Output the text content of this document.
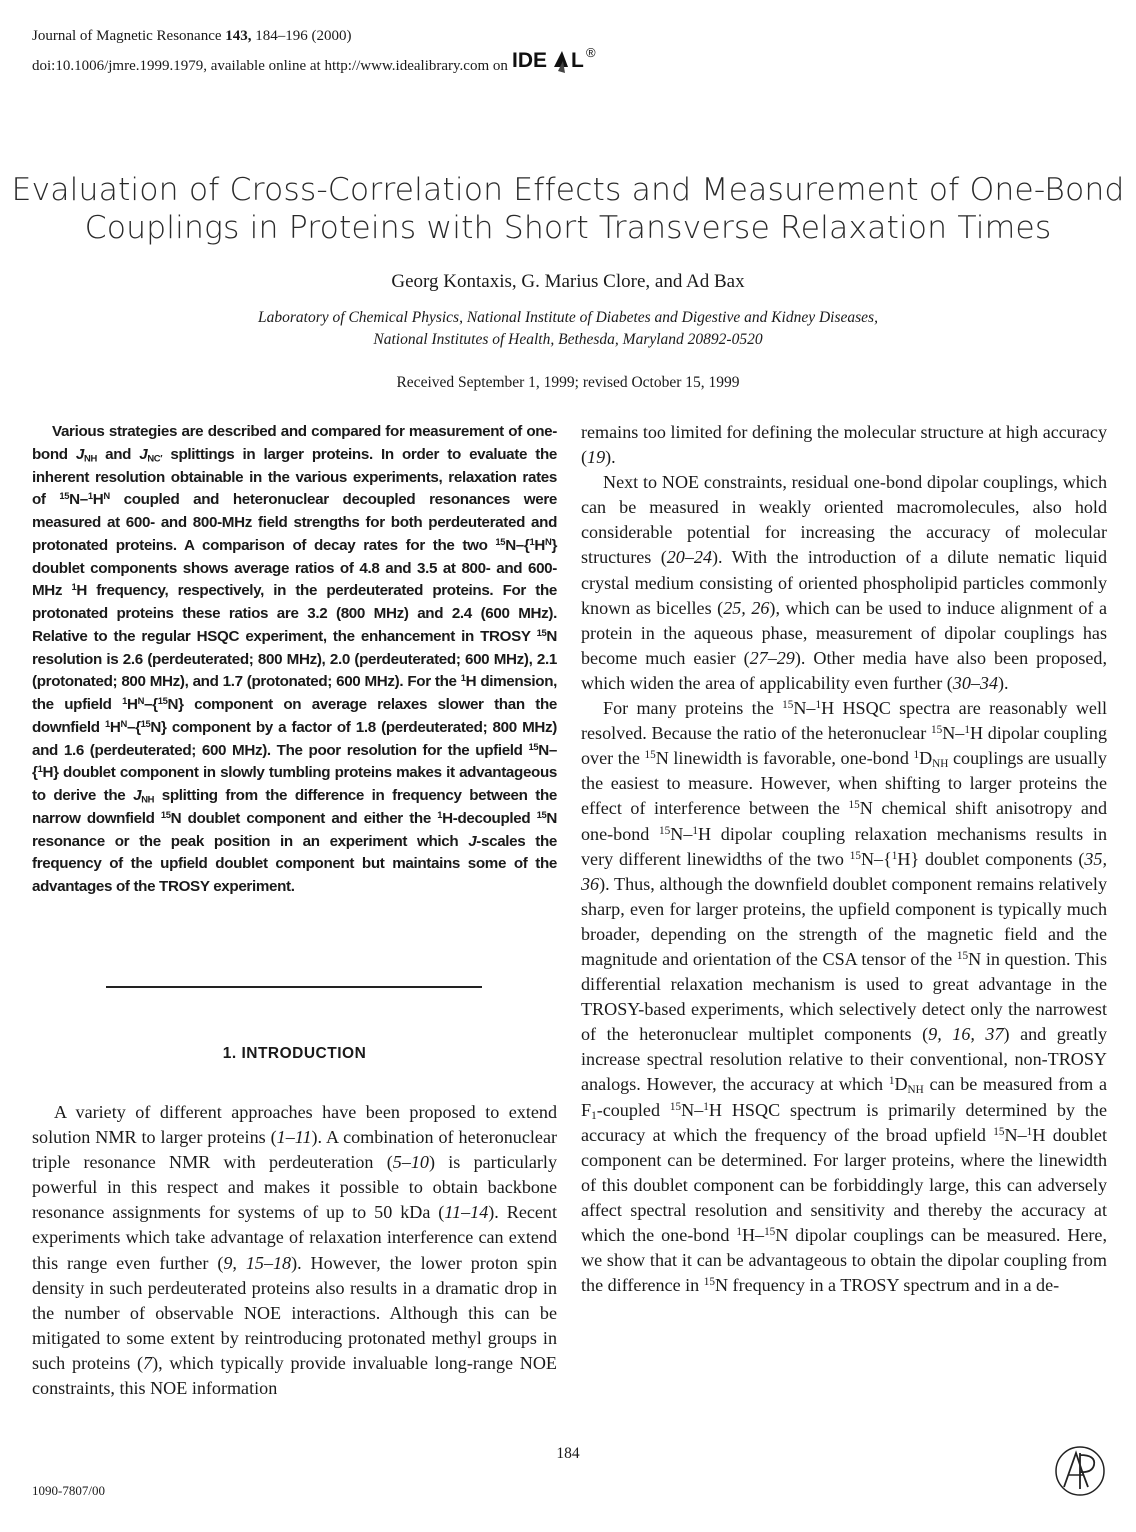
Journal of Magnetic Resonance 143, 184–196 (2000)
doi:10.1006/jmre.1999.1979, available online at http://www.idealibrary.com on IDE L ®
Evaluation of Cross-Correlation Effects and Measurement of One-Bond
Couplings in Proteins with Short Transverse Relaxation Times
Georg Kontaxis, G. Marius Clore, and Ad Bax
Laboratory of Chemical Physics, National Institute of Diabetes and Digestive and Kidney Diseases,
National Institutes of Health, Bethesda, Maryland 20892-0520
Received September 1, 1999; revised October 15, 1999

Various strategies are described and compared for measurement of one-bond $J_{NH}$ and $J_{NC'}$ splittings in larger proteins. In order to evaluate the inherent resolution obtainable in the various experiments, relaxation rates of $^{15}N-^1H^N$ coupled and heteronuclear decoupled resonances were measured at 600- and 800-MHz field strengths for both perdeuterated and protonated proteins. A comparison of decay rates for the two $^{15}N-\{^1H^N\}$ doublet components shows average ratios of 4.8 and 3.5 at 800- and 600-MHz $^1$H frequency, respectively, in the perdeuterated proteins. For the protonated proteins these ratios are 3.2 (800 MHz) and 2.4 (600 MHz). Relative to the regular HSQC experiment, the enhancement in TROSY $^{15}$N resolution is 2.6 (perdeuterated; 800 MHz), 2.0 (perdeuterated; 600 MHz), 2.1 (protonated; 800 MHz), and 1.7 (protonated; 600 MHz). For the $^1$H dimension, the upfield $^1H^N-\{^{15}N\}$ component on average relaxes slower than the downfield $^1H^N-\{^{15}N\}$ component by a factor of 1.8 (perdeuterated; 800 MHz) and 1.6 (perdeuterated; 600 MHz). The poor resolution for the upfield $^{15}$N–{$^1$H} doublet component in slowly tumbling proteins makes it advantageous to derive the $J_{NH}$ splitting from the difference in frequency between the narrow downfield $^{15}$N doublet component and either the $^1$H-decoupled $^{15}$N resonance or the peak position in an experiment which J-scales the frequency of the upfield doublet component but maintains some of the advantages of the TROSY experiment.

1. INTRODUCTION

A variety of different approaches have been proposed to extend solution NMR to larger proteins (1–11). A combination of heteronuclear triple resonance NMR with perdeuteration (5–10) is particularly powerful in this respect and makes it possible to obtain backbone resonance assignments for systems of up to 50 kDa (11–14). Recent experiments which take advantage of relaxation interference can extend this range even further (9, 15–18). However, the lower proton spin density in such perdeuterated proteins also results in a dramatic drop in the number of observable NOE interactions. Although this can be mitigated to some extent by reintroducing protonated methyl groups in such proteins (7), which typically provide invaluable long-range NOE constraints, this NOE information

remains too limited for defining the molecular structure at high accuracy (19).

Next to NOE constraints, residual one-bond dipolar couplings, which can be measured in weakly oriented macromolecules, also hold considerable potential for increasing the accuracy of molecular structures (20–24). With the introduction of a dilute nematic liquid crystal medium consisting of oriented phospholipid particles commonly known as bicelles (25, 26), which can be used to induce alignment of a protein in the aqueous phase, measurement of dipolar couplings has become much easier (27–29). Other media have also been proposed, which widen the area of applicability even further (30–34).

For many proteins the $^{15}$N–$^1$H HSQC spectra are reasonably well resolved. Because the ratio of the heteronuclear $^{15}$N–$^1$H dipolar coupling over the $^{15}$N linewidth is favorable, one-bond $^1D_{NH}$ couplings are usually the easiest to measure. However, when shifting to larger proteins the effect of interference between the $^{15}$N chemical shift anisotropy and one-bond $^{15}$N–$^1$H dipolar coupling relaxation mechanisms results in very different linewidths of the two $^{15}$N–{$^1$H} doublet components (35, 36). Thus, although the downfield doublet component remains relatively sharp, even for larger proteins, the upfield component is typically much broader, depending on the strength of the magnetic field and the magnitude and orientation of the CSA tensor of the $^{15}$N in question. This differential relaxation mechanism is used to great advantage in the TROSY-based experiments, which selectively detect only the narrowest of the heteronuclear multiplet components (9, 16, 37) and greatly increase spectral resolution relative to their conventional, non-TROSY analogs. However, the accuracy at which $^1D_{NH}$ can be measured from a $F_1$-coupled $^{15}$N–$^1$H HSQC spectrum is primarily determined by the accuracy at which the frequency of the broad upfield $^{15}$N–$^1$H doublet component can be determined. For larger proteins, where the linewidth of this doublet component can be forbiddingly large, this can adversely affect spectral resolution and sensitivity and thereby the accuracy at which the one-bond $^1$H–$^{15}$N dipolar couplings can be measured. Here, we show that it can be advantageous to obtain the dipolar coupling from the difference in $^{15}$N frequency in a TROSY spectrum and in a de-

184
1090-7807/00
